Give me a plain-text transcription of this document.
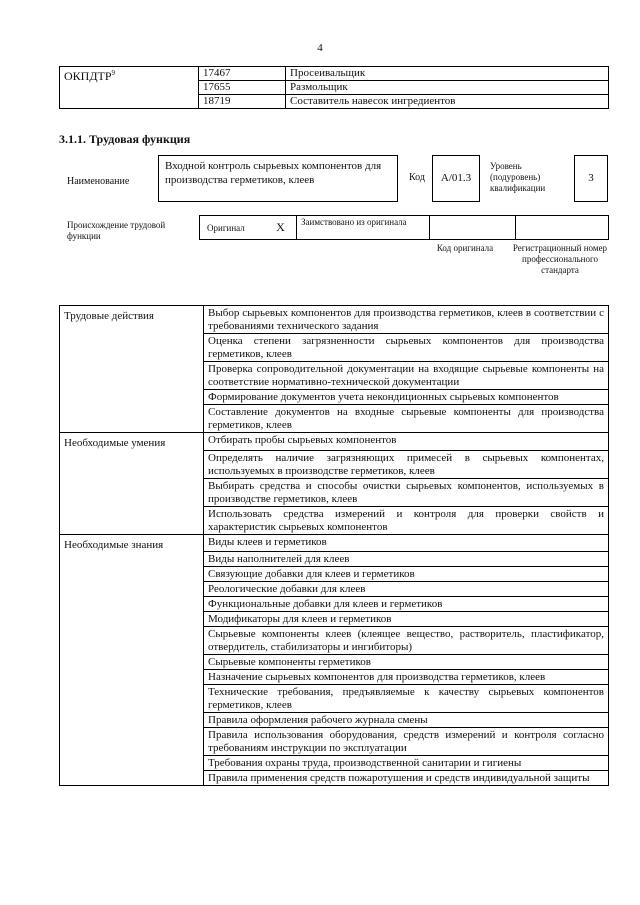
4
ОКПДТР$^9$	17467	Просеивальщик
	17655	Размольщик
	18719	Составитель навесок ингредиентов
3.1.1. Трудовая функция
Наименование
Входной контроль сырьевых компонентов для производства герметиков, клеев	Код	А/01.3
Уровень (подуровень) квалификации
3
Происхождение трудовой функции
Оригинал	X	Заимствовано из оригинала
Код оригинала	Регистрационный номер профессионального стандарта
Трудовые действия	Выбор сырьевых компонентов для производства герметиков, клеев в соответствии с требованиями технического задания
	Оценка степени загрязненности сырьевых компонентов для производства герметиков, клеев
	Проверка сопроводительной документации на входящие сырьевые компоненты на соответствие нормативно-технической документации
	Формирование документов учета некондиционных сырьевых компонентов
	Составление документов на входные сырьевые компоненты для производства герметиков, клеев
Необходимые умения	Отбирать пробы сырьевых компонентов
	Определять наличие загрязняющих примесей в сырьевых компонентах, используемых в производстве герметиков, клеев
	Выбирать средства и способы очистки сырьевых компонентов, используемых в производстве герметиков, клеев
	Использовать средства измерений и контроля для проверки свойств и характеристик сырьевых компонентов
Необходимые знания	Виды клеев и герметиков
	Виды наполнителей для клеев
	Связующие добавки для клеев и герметиков
	Реологические добавки для клеев
	Функциональные добавки для клеев и герметиков
	Модификаторы для клеев и герметиков
	Сырьевые компоненты клеев (клеящее вещество, растворитель, пластификатор, отвердитель, стабилизаторы и ингибиторы)
	Сырьевые компоненты герметиков
	Назначение сырьевых компонентов для производства герметиков, клеев
	Технические требования, предъявляемые к качеству сырьевых компонентов герметиков, клеев
	Правила оформления рабочего журнала смены
	Правила использования оборудования, средств измерений и контроля согласно требованиям инструкции по эксплуатации
	Требования охраны труда, производственной санитарии и гигиены
	Правила применения средств пожаротушения и средств индивидуальной защиты
